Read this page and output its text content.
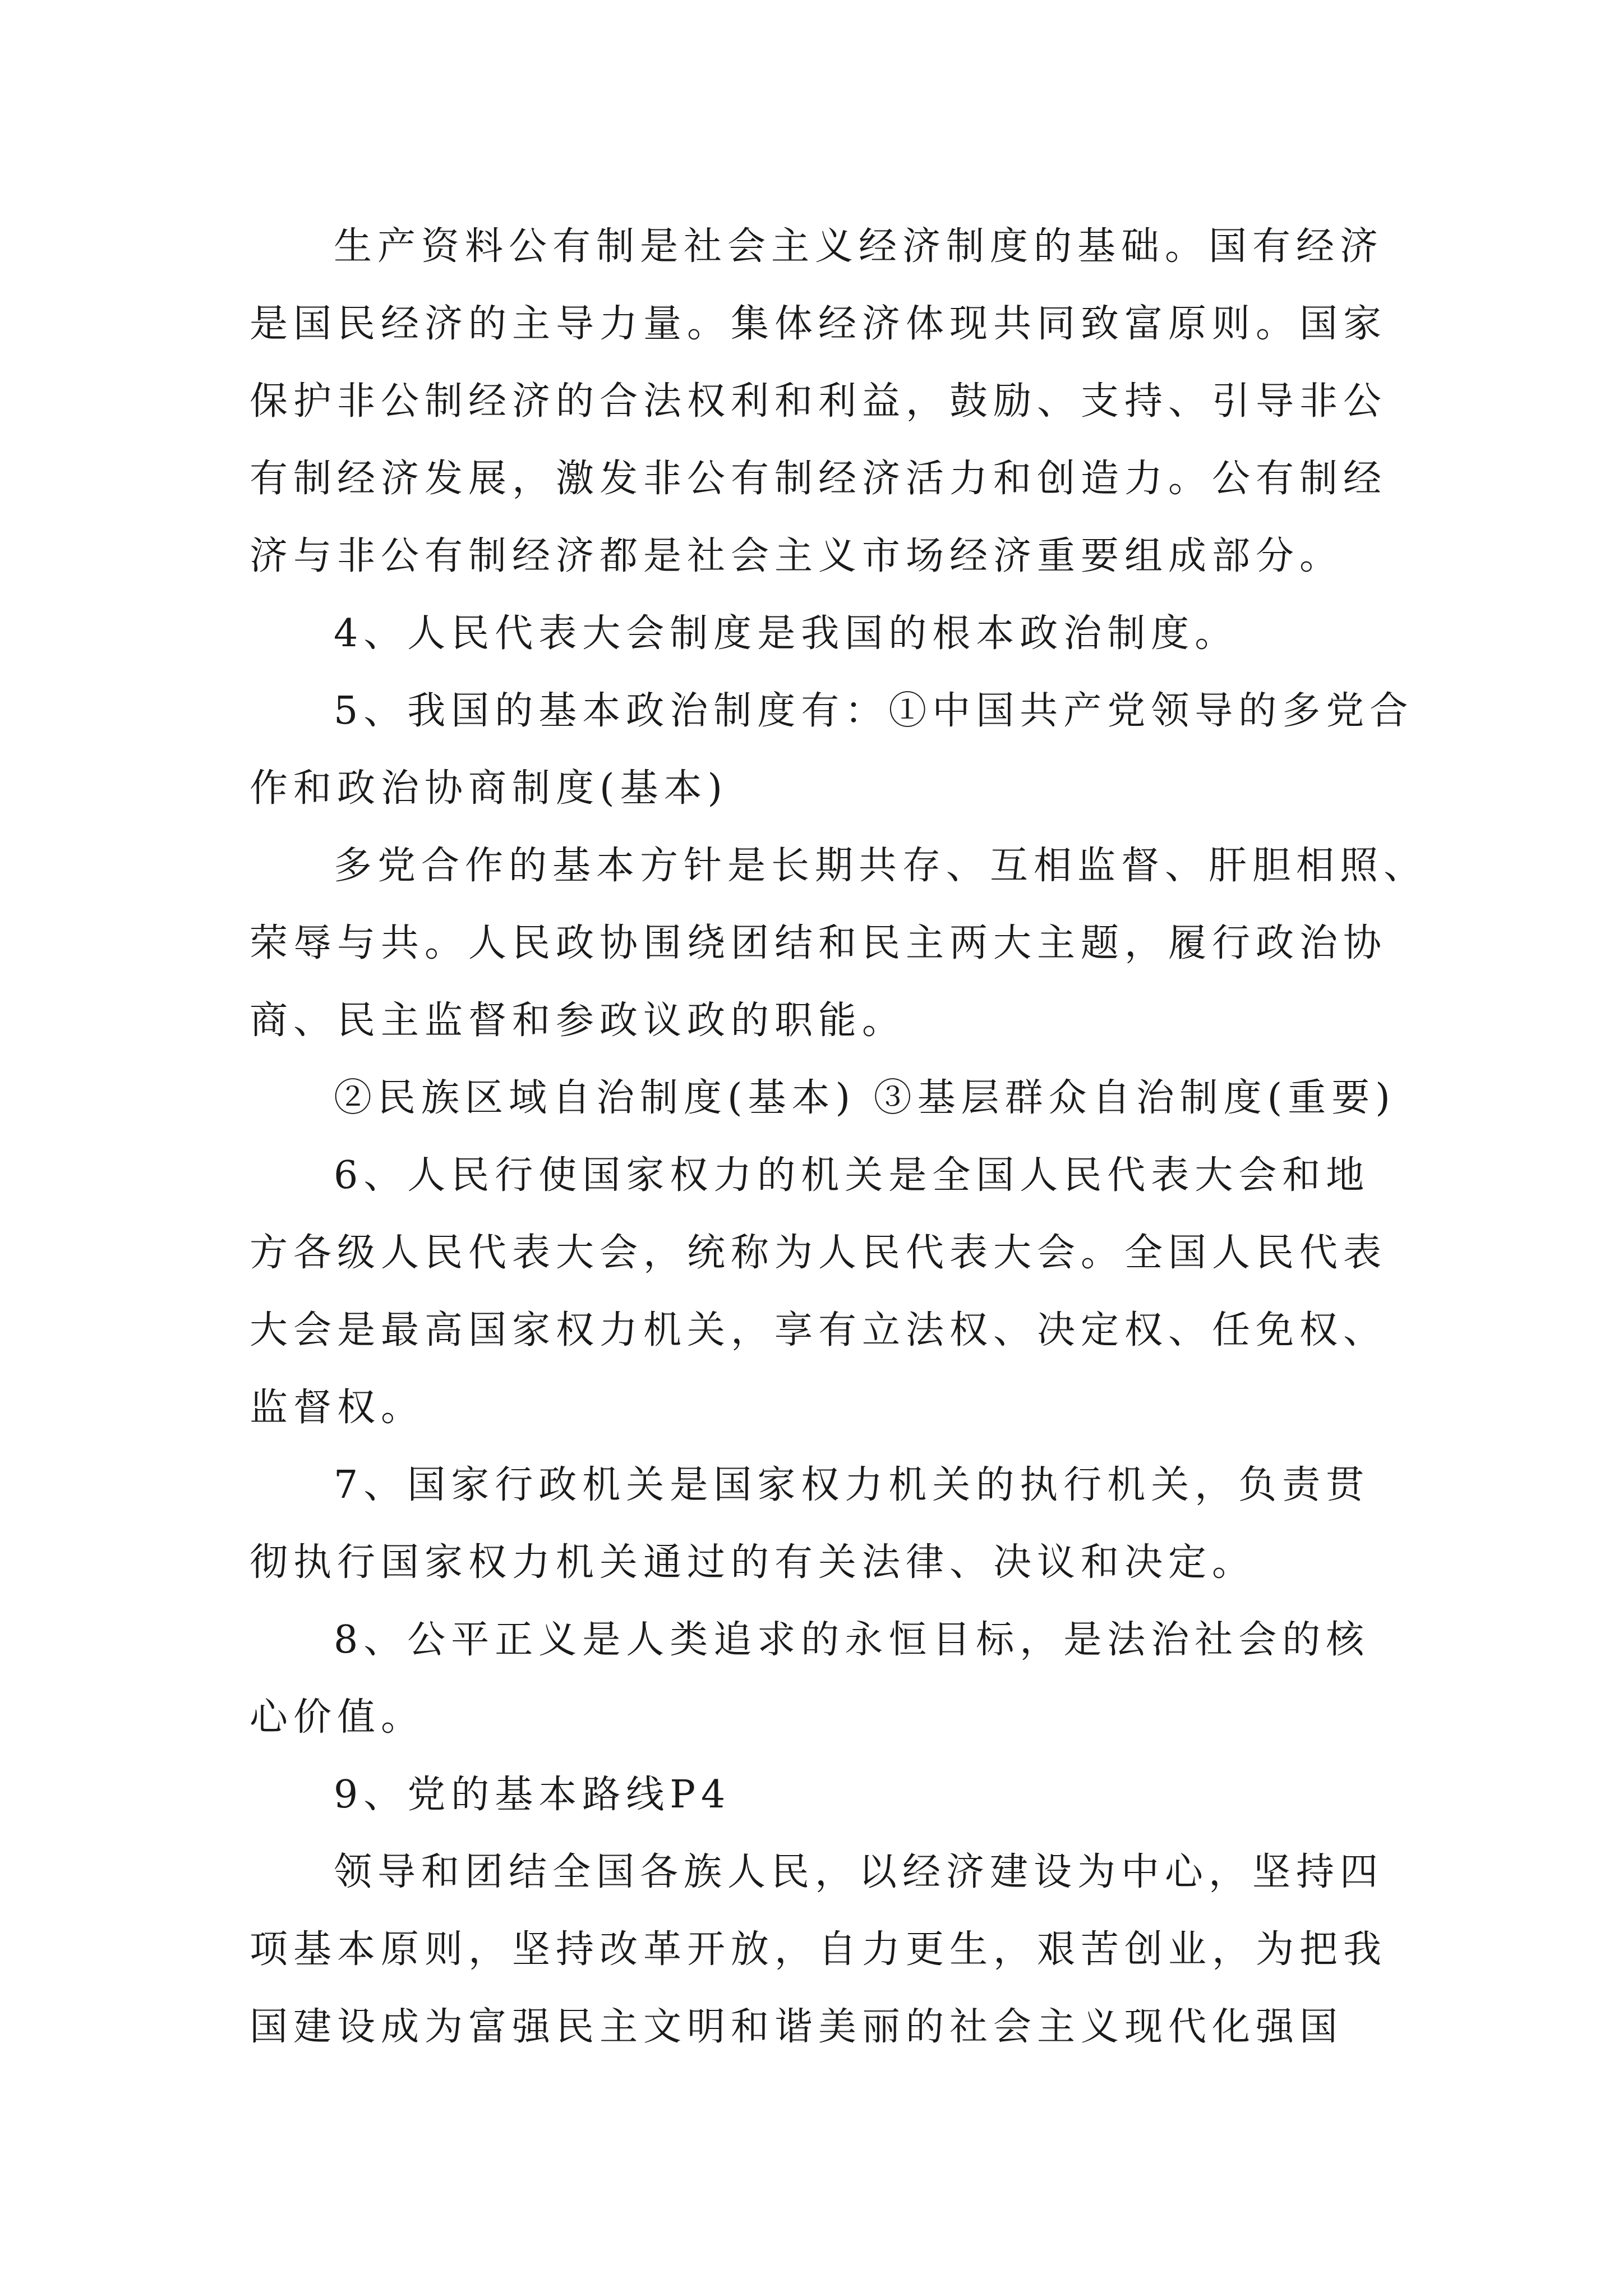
生产资料公有制是社会主义经济制度的基础。国有经济
是国民经济的主导力量。集体经济体现共同致富原则。国家
保护非公制经济的合法权利和利益，鼓励、支持、引导非公
有制经济发展，激发非公有制经济活力和创造力。公有制经
济与非公有制经济都是社会主义市场经济重要组成部分。
4、人民代表大会制度是我国的根本政治制度。
5、我国的基本政治制度有：①中国共产党领导的多党合
作和政治协商制度(基本)
多党合作的基本方针是长期共存、互相监督、肝胆相照、
荣辱与共。人民政协围绕团结和民主两大主题，履行政治协
商、民主监督和参政议政的职能。
②民族区域自治制度(基本) ③基层群众自治制度(重要)
6、人民行使国家权力的机关是全国人民代表大会和地
方各级人民代表大会，统称为人民代表大会。全国人民代表
大会是最高国家权力机关，享有立法权、决定权、任免权、
监督权。
7、国家行政机关是国家权力机关的执行机关，负责贯
彻执行国家权力机关通过的有关法律、决议和决定。
8、公平正义是人类追求的永恒目标，是法治社会的核
心价值。
9、党的基本路线P4
领导和团结全国各族人民，以经济建设为中心，坚持四
项基本原则，坚持改革开放，自力更生，艰苦创业，为把我
国建设成为富强民主文明和谐美丽的社会主义现代化强国
